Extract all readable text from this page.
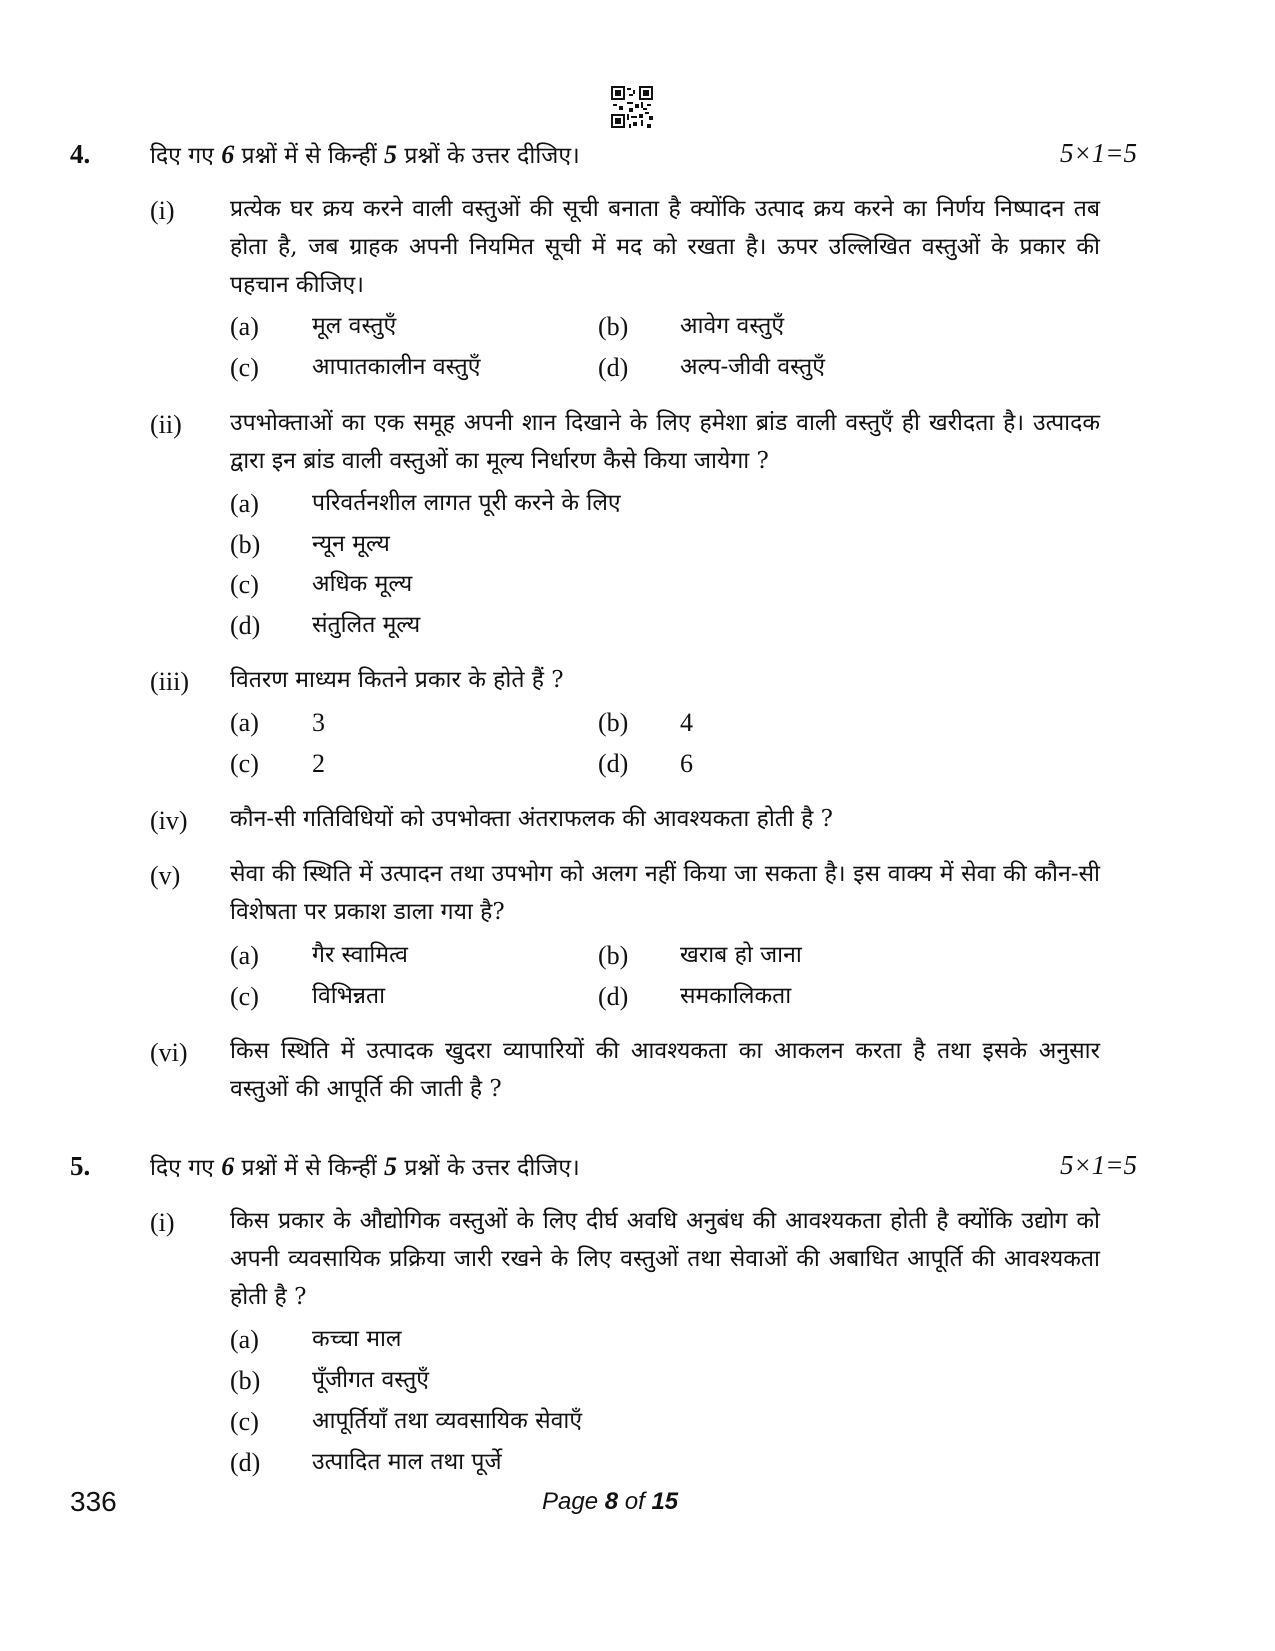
4.	दिए गए 6 प्रश्नों में से किन्हीं 5 प्रश्नों के उत्तर दीजिए।	5×1=5
(i) प्रत्येक घर क्रय करने वाली वस्तुओं की सूची बनाता है क्योंकि उत्पाद क्रय करने का निर्णय निष्पादन तब होता है, जब ग्राहक अपनी नियमित सूची में मद को रखता है। ऊपर उल्लिखित वस्तुओं के प्रकार की पहचान कीजिए।
(a) मूल वस्तुएँ	(b) आवेग वस्तुएँ
(c) आपातकालीन वस्तुएँ	(d) अल्प-जीवी वस्तुएँ
(ii) उपभोक्ताओं का एक समूह अपनी शान दिखाने के लिए हमेशा ब्रांड वाली वस्तुएँ ही खरीदता है। उत्पादक द्वारा इन ब्रांड वाली वस्तुओं का मूल्य निर्धारण कैसे किया जायेगा ?
(a) परिवर्तनशील लागत पूरी करने के लिए
(b) न्यून मूल्य
(c) अधिक मूल्य
(d) संतुलित मूल्य
(iii) वितरण माध्यम कितने प्रकार के होते हैं ?
(a) 3	(b) 4
(c) 2	(d) 6
(iv) कौन-सी गतिविधियों को उपभोक्ता अंतराफलक की आवश्यकता होती है ?
(v) सेवा की स्थिति में उत्पादन तथा उपभोग को अलग नहीं किया जा सकता है। इस वाक्य में सेवा की कौन-सी विशेषता पर प्रकाश डाला गया है?
(a) गैर स्वामित्व	(b) खराब हो जाना
(c) विभिन्नता	(d) समकालिकता
(vi) किस स्थिति में उत्पादक खुदरा व्यापारियों की आवश्यकता का आकलन करता है तथा इसके अनुसार वस्तुओं की आपूर्ति की जाती है ?
5.	दिए गए 6 प्रश्नों में से किन्हीं 5 प्रश्नों के उत्तर दीजिए।	5×1=5
(i) किस प्रकार के औद्योगिक वस्तुओं के लिए दीर्घ अवधि अनुबंध की आवश्यकता होती है क्योंकि उद्योग को अपनी व्यवसायिक प्रक्रिया जारी रखने के लिए वस्तुओं तथा सेवाओं की अबाधित आपूर्ति की आवश्यकता होती है ?
(a) कच्चा माल
(b) पूँजीगत वस्तुएँ
(c) आपूर्तियाँ तथा व्यवसायिक सेवाएँ
(d) उत्पादित माल तथा पूर्जे
336	Page 8 of 15
